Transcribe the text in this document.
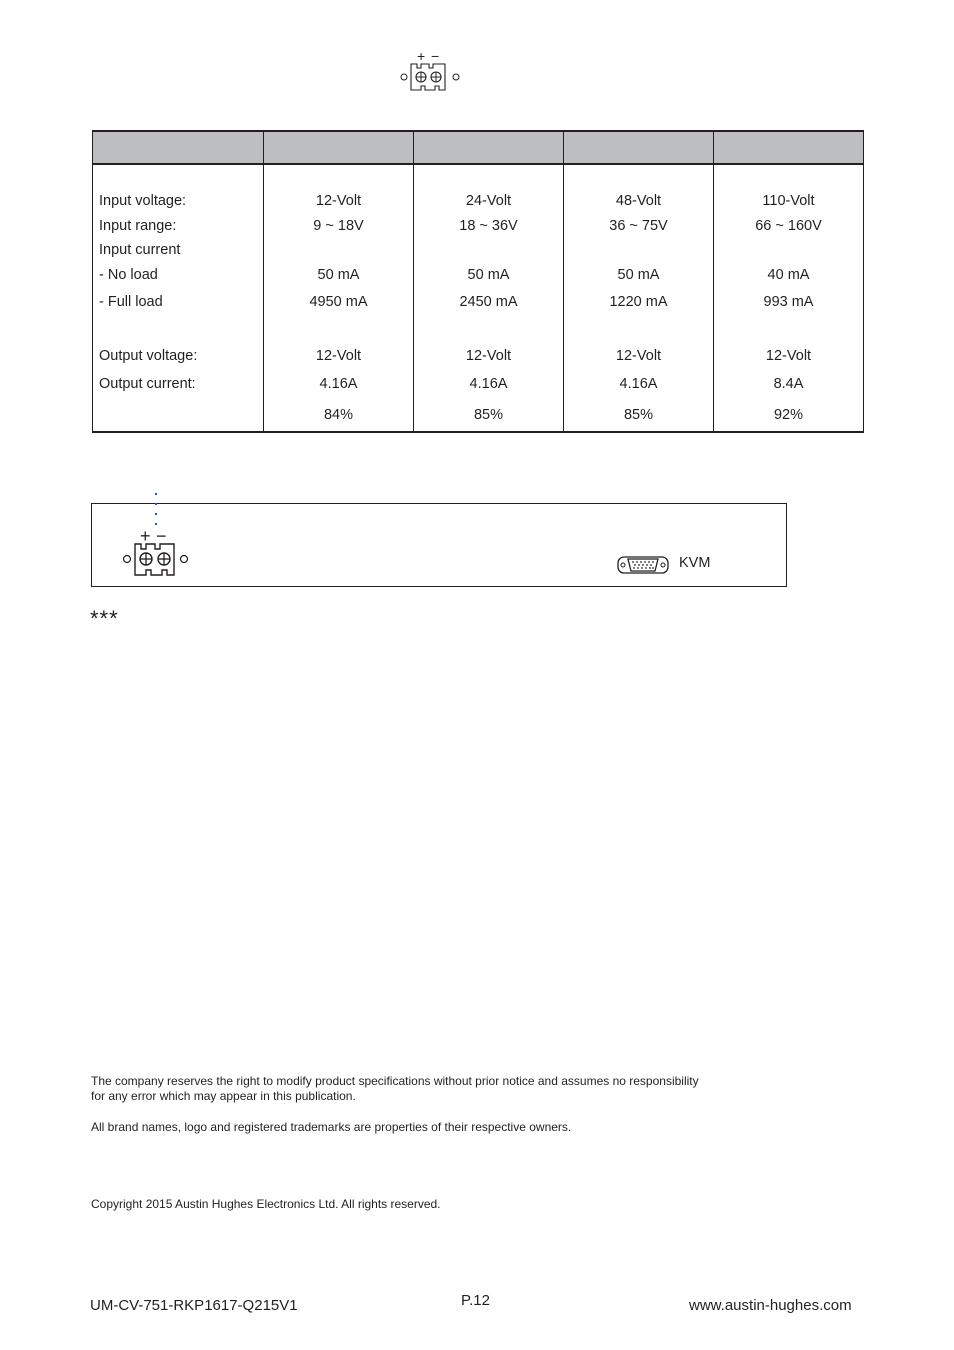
+ −

Input voltage:	12-Volt	24-Volt	48-Volt	110-Volt
Input range:	9 ~ 18V	18 ~ 36V	36 ~ 75V	66 ~ 160V
Input current				
- No load	50 mA	50 mA	50 mA	40 mA
- Full load	4950 mA	2450 mA	1220 mA	993 mA

Output voltage:	12-Volt	12-Volt	12-Volt	12-Volt
Output current:	4.16A	4.16A	4.16A	8.4A
	84%	85%	85%	92%
+ −
KVM
***
The company reserves the right to modify product specifications without prior notice and assumes no responsibility
for any error which may appear in this publication.
All brand names, logo and registered trademarks are properties of their respective owners.
Copyright 2015 Austin Hughes Electronics Ltd. All rights reserved.
UM-CV-751-RKP1617-Q215V1	P.12	www.austin-hughes.com
